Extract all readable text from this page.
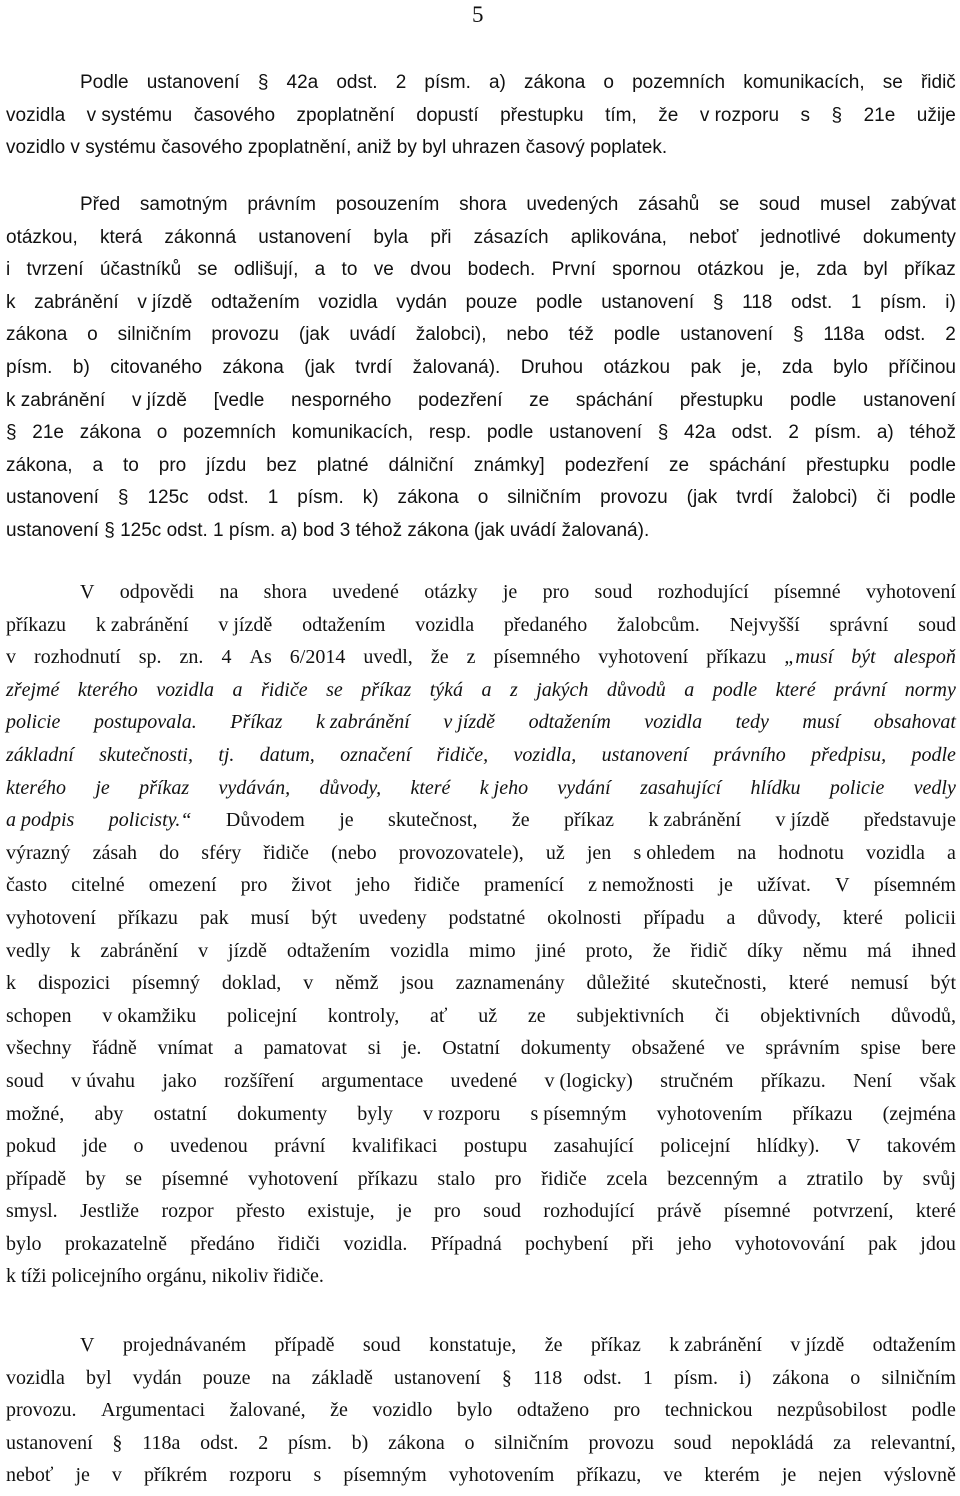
5
Podle ustanovení § 42a odst. 2 písm. a) zákona o pozemních komunikacích, se řidič
vozidla v systému časového zpoplatnění dopustí přestupku tím, že v rozporu s § 21e užije
vozidlo v systému časového zpoplatnění, aniž by byl uhrazen časový poplatek.
Před samotným právním posouzením shora uvedených zásahů se soud musel zabývat
otázkou, která zákonná ustanovení byla při zásazích aplikována, neboť jednotlivé dokumenty
i tvrzení účastníků se odlišují, a to ve dvou bodech. První spornou otázkou je, zda byl příkaz
k zabránění v jízdě odtažením vozidla vydán pouze podle ustanovení § 118 odst. 1 písm. i)
zákona o silničním provozu (jak uvádí žalobci), nebo též podle ustanovení § 118a odst. 2
písm. b) citovaného zákona (jak tvrdí žalovaná). Druhou otázkou pak je, zda bylo příčinou
k zabránění v jízdě [vedle nesporného podezření ze spáchání přestupku podle ustanovení
§ 21e zákona o pozemních komunikacích, resp. podle ustanovení § 42a odst. 2 písm. a) téhož
zákona, a to pro jízdu bez platné dálniční známky] podezření ze spáchání přestupku podle
ustanovení § 125c odst. 1 písm. k) zákona o silničním provozu (jak tvrdí žalobci) či podle
ustanovení § 125c odst. 1 písm. a) bod 3 téhož zákona (jak uvádí žalovaná).
V odpovědi na shora uvedené otázky je pro soud rozhodující písemné vyhotovení
příkazu k zabránění v jízdě odtažením vozidla předaného žalobcům. Nejvyšší správní soud
v rozhodnutí sp. zn. 4 As 6/2014 uvedl, že z písemného vyhotovení příkazu „musí být alespoň
zřejmé kterého vozidla a řidiče se příkaz týká a z jakých důvodů a podle které právní normy
policie postupovala. Příkaz k zabránění v jízdě odtažením vozidla tedy musí obsahovat
základní skutečnosti, tj. datum, označení řidiče, vozidla, ustanovení právního předpisu, podle
kterého je příkaz vydáván, důvody, které k jeho vydání zasahující hlídku policie vedly
a podpis policisty.“ Důvodem je skutečnost, že příkaz k zabránění v jízdě představuje
výrazný zásah do sféry řidiče (nebo provozovatele), už jen s ohledem na hodnotu vozidla a
často citelné omezení pro život jeho řidiče pramenící z nemožnosti je užívat. V písemném
vyhotovení příkazu pak musí být uvedeny podstatné okolnosti případu a důvody, které policii
vedly k zabránění v jízdě odtažením vozidla mimo jiné proto, že řidič díky němu má ihned
k dispozici písemný doklad, v němž jsou zaznamenány důležité skutečnosti, které nemusí být
schopen v okamžiku policejní kontroly, ať už ze subjektivních či objektivních důvodů,
všechny řádně vnímat a pamatovat si je. Ostatní dokumenty obsažené ve správním spise bere
soud v úvahu jako rozšíření argumentace uvedené v (logicky) stručném příkazu. Není však
možné, aby ostatní dokumenty byly v rozporu s písemným vyhotovením příkazu (zejména
pokud jde o uvedenou právní kvalifikaci postupu zasahující policejní hlídky). V takovém
případě by se písemné vyhotovení příkazu stalo pro řidiče zcela bezcenným a ztratilo by svůj
smysl. Jestliže rozpor přesto existuje, je pro soud rozhodující právě písemné potvrzení, které
bylo prokazatelně předáno řidiči vozidla. Případná pochybení při jeho vyhotovování pak jdou
k tíži policejního orgánu, nikoliv řidiče.
V projednávaném případě soud konstatuje, že příkaz k zabránění v jízdě odtažením
vozidla byl vydán pouze na základě ustanovení § 118 odst. 1 písm. i) zákona o silničním
provozu. Argumentaci žalované, že vozidlo bylo odtaženo pro technickou nezpůsobilost podle
ustanovení § 118a odst. 2 písm. b) zákona o silničním provozu soud nepokládá za relevantní,
neboť je v příkrém rozporu s písemným vyhotovením příkazu, ve kterém je nejen výslovně
